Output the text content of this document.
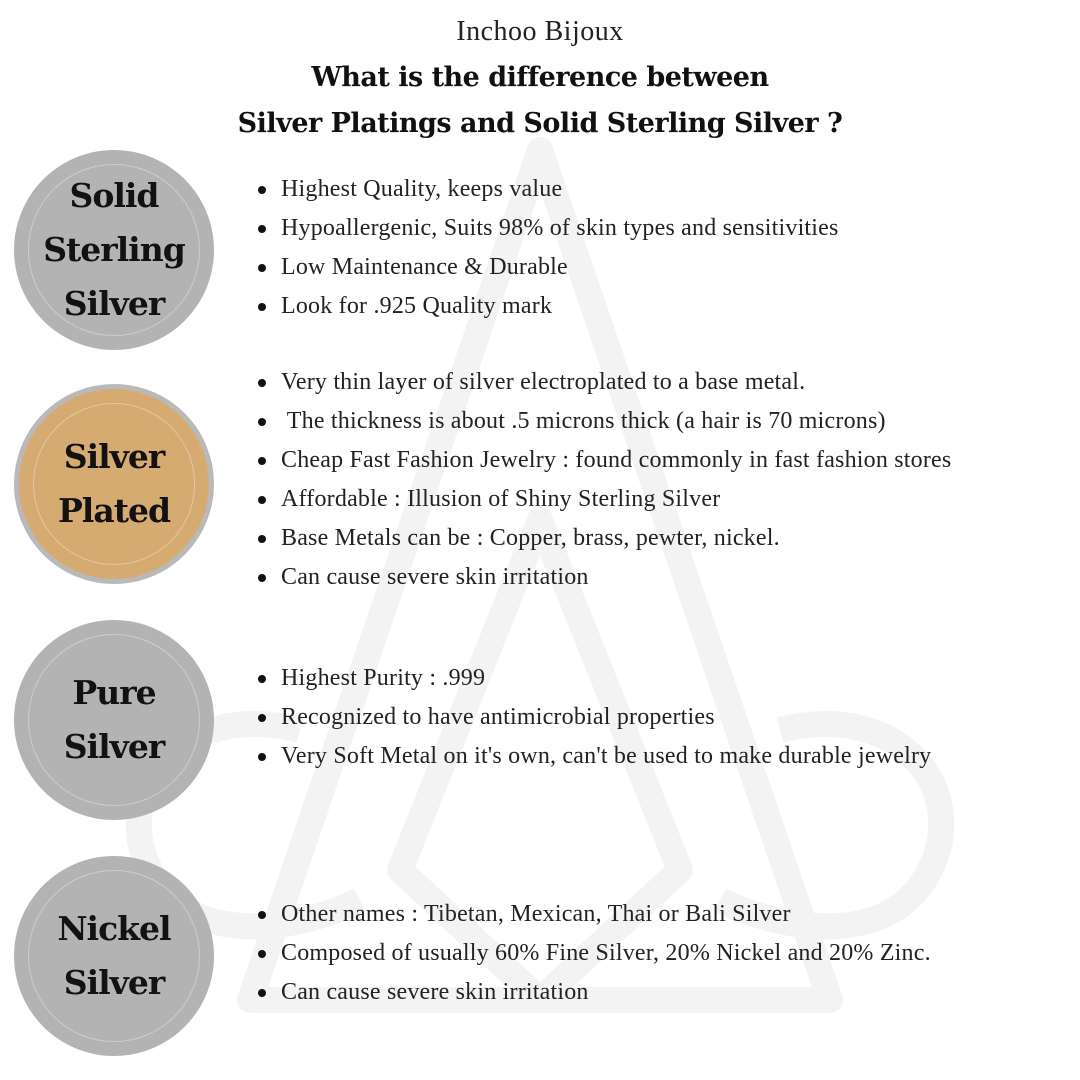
Inchoo Bijoux
What is the difference between
Silver Platings and Solid Sterling Silver ?
Solid
Sterling
Silver
Highest Quality, keeps value
Hypoallergenic, Suits 98% of skin types and sensitivities
Low Maintenance & Durable
Look for .925 Quality mark
Silver
Plated
Very thin layer of silver electroplated to a base metal.
The thickness is about .5 microns thick (a hair is 70 microns)
Cheap Fast Fashion Jewelry : found commonly in fast fashion stores
Affordable : Illusion of Shiny Sterling Silver
Base Metals can be : Copper, brass, pewter, nickel.
Can cause severe skin irritation
Pure
Silver
Highest Purity : .999
Recognized to have antimicrobial properties
Very Soft Metal on it's own, can't be used to make durable jewelry
Nickel
Silver
Other names : Tibetan, Mexican, Thai or Bali Silver
Composed of usually 60% Fine Silver, 20% Nickel and 20% Zinc.
Can cause severe skin irritation
